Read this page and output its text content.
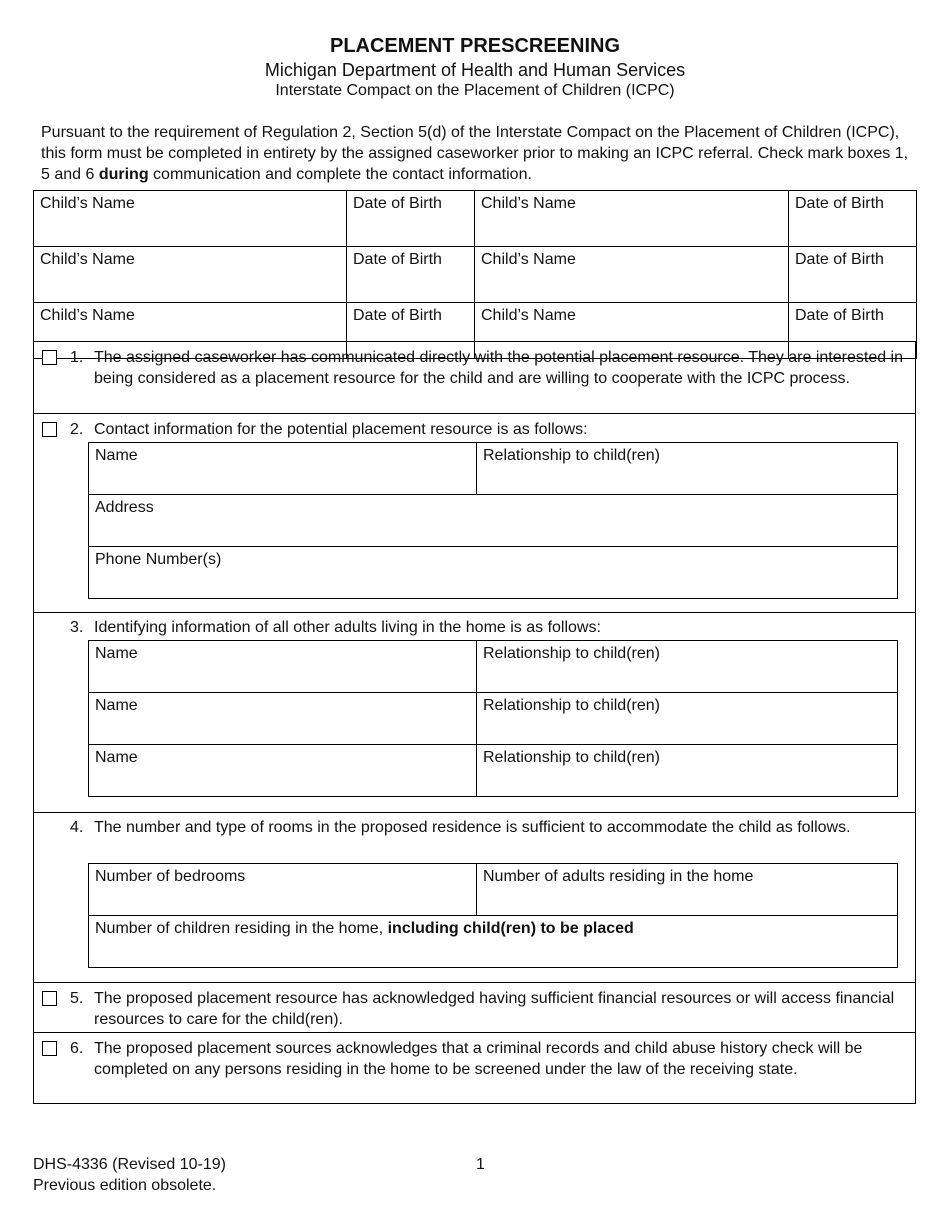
PLACEMENT PRESCREENING
Michigan Department of Health and Human Services
Interstate Compact on the Placement of Children (ICPC)
Pursuant to the requirement of Regulation 2, Section 5(d) of the Interstate Compact on the Placement of Children (ICPC), this form must be completed in entirety by the assigned caseworker prior to making an ICPC referral. Check mark boxes 1, 5 and 6 during communication and complete the contact information.
Child’s Name	Date of Birth	Child’s Name	Date of Birth
Child’s Name	Date of Birth	Child’s Name	Date of Birth
Child’s Name	Date of Birth	Child’s Name	Date of Birth
1. The assigned caseworker has communicated directly with the potential placement resource. They are interested in being considered as a placement resource for the child and are willing to cooperate with the ICPC process.
2. Contact information for the potential placement resource is as follows:
Name	Relationship to child(ren)
Address
Phone Number(s)
3. Identifying information of all other adults living in the home is as follows:
Name	Relationship to child(ren)
Name	Relationship to child(ren)
Name	Relationship to child(ren)
4. The number and type of rooms in the proposed residence is sufficient to accommodate the child as follows.
Number of bedrooms	Number of adults residing in the home
Number of children residing in the home, including child(ren) to be placed
5. The proposed placement resource has acknowledged having sufficient financial resources or will access financial resources to care for the child(ren).
6. The proposed placement sources acknowledges that a criminal records and child abuse history check will be completed on any persons residing in the home to be screened under the law of the receiving state.
DHS-4336 (Revised 10-19)
Previous edition obsolete.
1
